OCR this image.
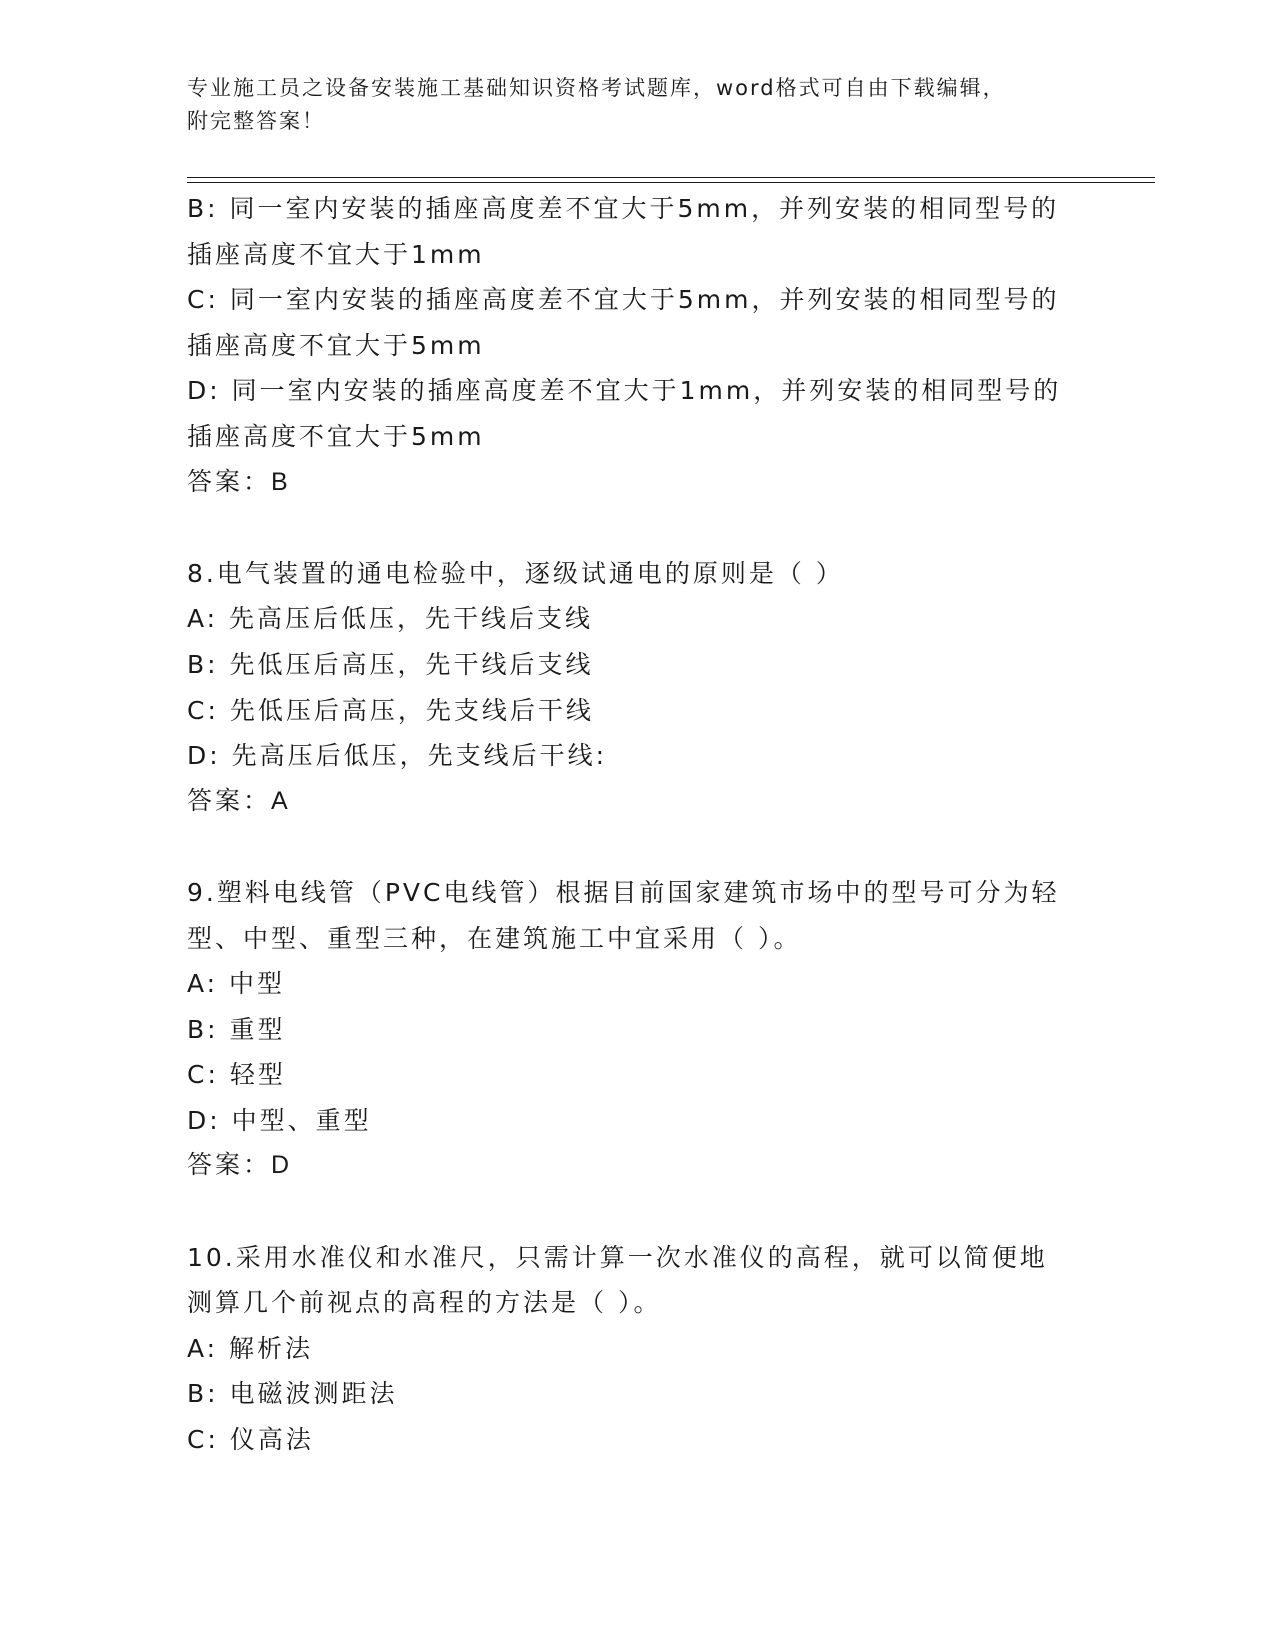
专业施工员之设备安装施工基础知识资格考试题库，word格式可自由下载编辑，
附完整答案！
B: 同一室内安装的插座高度差不宜大于5mm，并列安装的相同型号的
插座高度不宜大于1mm
C: 同一室内安装的插座高度差不宜大于5mm，并列安装的相同型号的
插座高度不宜大于5mm
D: 同一室内安装的插座高度差不宜大于1mm，并列安装的相同型号的
插座高度不宜大于5mm
答案：B
8.电气装置的通电检验中，逐级试通电的原则是（ ）
A: 先高压后低压，先干线后支线
B: 先低压后高压，先干线后支线
C: 先低压后高压，先支线后干线
D: 先高压后低压，先支线后干线:
答案：A
9.塑料电线管（PVC电线管）根据目前国家建筑市场中的型号可分为轻
型、中型、重型三种，在建筑施工中宜采用（ ）。
A: 中型
B: 重型
C: 轻型
D: 中型、重型
答案：D
10.采用水准仪和水准尺，只需计算一次水准仪的高程，就可以简便地
测算几个前视点的高程的方法是（ ）。
A: 解析法
B: 电磁波测距法
C: 仪高法
